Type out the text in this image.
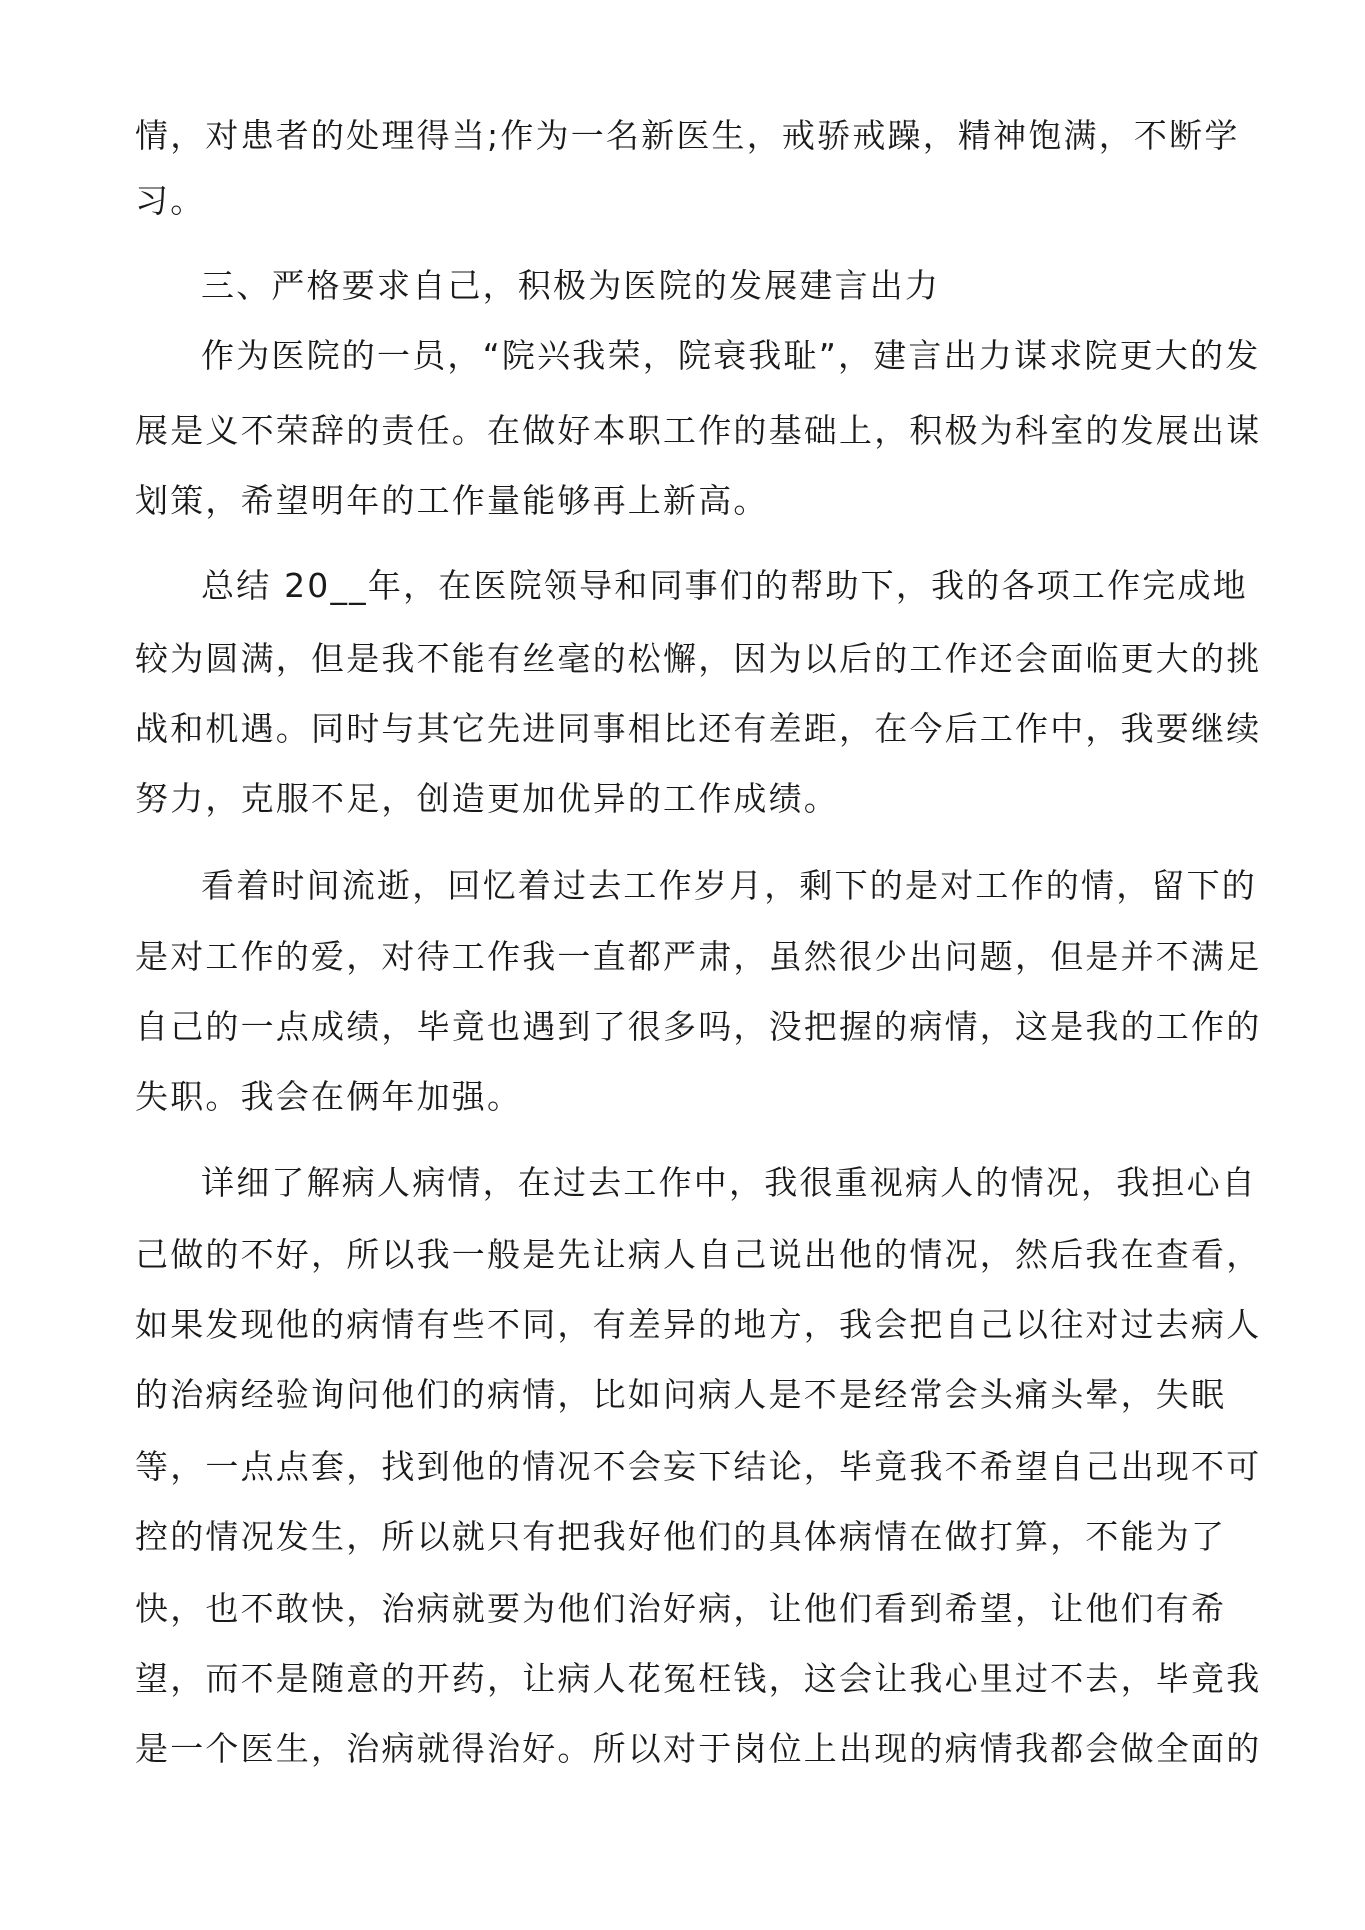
情，对患者的处理得当;作为一名新医生，戒骄戒躁，精神饱满，不断学
习。
三、严格要求自己，积极为医院的发展建言出力
作为医院的一员，“院兴我荣，院衰我耻”，建言出力谋求院更大的发
展是义不荣辞的责任。在做好本职工作的基础上，积极为科室的发展出谋
划策，希望明年的工作量能够再上新高。
总结 20__年，在医院领导和同事们的帮助下，我的各项工作完成地
较为圆满，但是我不能有丝毫的松懈，因为以后的工作还会面临更大的挑
战和机遇。同时与其它先进同事相比还有差距，在今后工作中，我要继续
努力，克服不足，创造更加优异的工作成绩。
看着时间流逝，回忆着过去工作岁月，剩下的是对工作的情，留下的
是对工作的爱，对待工作我一直都严肃，虽然很少出问题，但是并不满足
自己的一点成绩，毕竟也遇到了很多吗，没把握的病情，这是我的工作的
失职。我会在俩年加强。
详细了解病人病情，在过去工作中，我很重视病人的情况，我担心自
己做的不好，所以我一般是先让病人自己说出他的情况，然后我在查看，
如果发现他的病情有些不同，有差异的地方，我会把自己以往对过去病人
的治病经验询问他们的病情，比如问病人是不是经常会头痛头晕，失眠
等，一点点套，找到他的情况不会妄下结论，毕竟我不希望自己出现不可
控的情况发生，所以就只有把我好他们的具体病情在做打算，不能为了
快，也不敢快，治病就要为他们治好病，让他们看到希望，让他们有希
望，而不是随意的开药，让病人花冤枉钱，这会让我心里过不去，毕竟我
是一个医生，治病就得治好。所以对于岗位上出现的病情我都会做全面的
